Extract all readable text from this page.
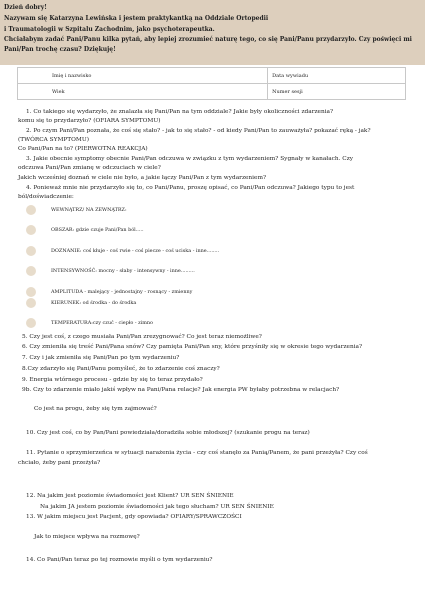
Dzień dobry!

Nazywam się Katarzyna Lewińska i jestem praktykantką na Oddziale Ortopedii

i Traumatologii w Szpitalu Zachodnim, jako psychoterapeutka.

Chciałabym zadać Pani/Panu kilka pytań, aby lepiej zrozumieć naturę tego, co się Pani/Panu przydarzyło. Czy poświęci mi

Pani/Pan trochę czasu? Dziękuję!

Imię i nazwisko	Data wywiadu
Wiek	Numer sesji

1. Co takiego się wydarzyło, że znalazła się Pani/Pan na tym oddziale? Jakie były okoliczności zdarzenia?

komu się to przydarzyło? (OFIARA SYMPTOMU)

2. Po czym Pani/Pan poznała, że coś się stało? - jak to się stało? - od kiedy Pani/Pan to zauważyła? pokazać ręką - jak?

(TWÓRCA SYMPTOMU)

Co Pani/Pan na to? (PIERWOTNA REAKCJA)

3. Jakie obecnie symptomy obecnie Pani/Pan odczuwa w związku z tym wydarzeniem? Sygnały w kanałach. Czy

odczuwa Pani/Pan zmianę w odczuciach w ciele?

Jakich wcześniej doznań w ciele nie było, a jakie łączy Pani/Pan z tym wydarzeniem?

4. Ponieważ mnie nie przydarzyło się to, co Pani/Panu, proszę opisać, co Pani/Pan odczuwa? Jakiego typu to jest

ból/doświadczenie:

WEWNĄTRZ/ NA ZEWNĄTRZ:

OBSZAR: gdzie czuje Pani/Pan ból.....

DOZNANIE: coś kłuje - coś rwie - coś piecze - coś uciska - inne........

INTENSYWNOŚĆ: mocny - słaby - intensywny - inne.........

AMPLITUDA - malejący - jednostajny - rosnący - zmienny

KIERUNEK: od środka - do środka

TEMPERATURA:czy czuć - ciepło - zimno

5. Czy jest coś, z czego musiała Pani/Pan zrezygnować? Co jest teraz niemożliwe?

6. Czy zmieniła się treść Pani/Pana snów? Czy pamięta Pani/Pan sny, które przyśniły się w okresie tego wydarzenia?

7. Czy i jak zmieniła się Pani/Pan po tym wydarzeniu?

8.Czy zdarzyło się Pani/Panu pomyśleć, że to zdarzenie coś znaczy?

9. Energia wtórnego procesu - gdzie by się to teraz przydało?

9b. Czy to zdarzenie miało jakiś wpływ na Pani/Pana relacje? Jak energia PW byłaby potrzebna w relacjach?

Co jest na progu, żeby się tym zajmować?

10. Czy jest coś, co by Pan/Pani powiedziała/doradziła sobie młodszej? (szukanie progu na teraz)

11. Pytanie o sprzymierzeńca w sytuacji narażenia życia - czy coś stanęło za Panią/Panem, że pani przeżyła? Czy coś

chciało, żeby pani przeżyła?

12. Na jakim jest poziomie świadomości jest Klient? UR SEN ŚNIENIE

Na jakim JA jestem poziomie świadomości jak tego słucham? UR SEN ŚNIENIE

13. W jakim miejscu jest Pacjent, gdy opowiada? OFIARY/SPRAWCZOŚCI

Jak to miejsce wpływa na rozmowę?

14. Co Pani/Pan teraz po tej rozmowie myśli o tym wydarzeniu?
